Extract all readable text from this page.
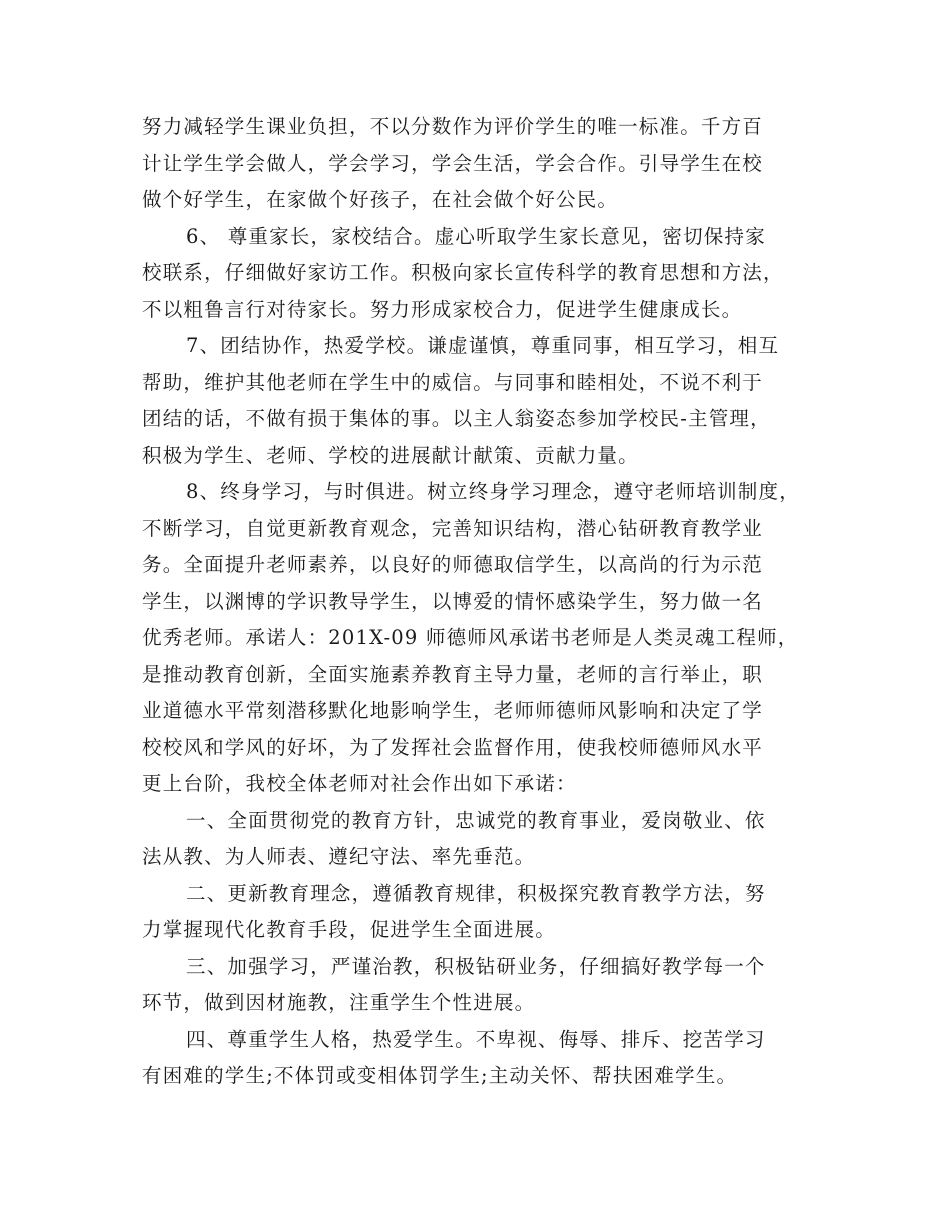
努力减轻学生课业负担，不以分数作为评价学生的唯一标准。千方百
计让学生学会做人，学会学习，学会生活，学会合作。引导学生在校
做个好学生，在家做个好孩子，在社会做个好公民。
6、 尊重家长，家校结合。虚心听取学生家长意见，密切保持家
校联系，仔细做好家访工作。积极向家长宣传科学的教育思想和方法，
不以粗鲁言行对待家长。努力形成家校合力，促进学生健康成长。
7、团结协作，热爱学校。谦虚谨慎，尊重同事，相互学习，相互
帮助，维护其他老师在学生中的威信。与同事和睦相处，不说不利于
团结的话，不做有损于集体的事。以主人翁姿态参加学校民-主管理，
积极为学生、老师、学校的进展献计献策、贡献力量。
8、终身学习，与时俱进。树立终身学习理念，遵守老师培训制度，
不断学习，自觉更新教育观念，完善知识结构，潜心钻研教育教学业
务。全面提升老师素养，以良好的师德取信学生，以高尚的行为示范
学生，以渊博的学识教导学生，以博爱的情怀感染学生，努力做一名
优秀老师。承诺人：201X-09 师德师风承诺书老师是人类灵魂工程师，
是推动教育创新，全面实施素养教育主导力量，老师的言行举止，职
业道德水平常刻潜移默化地影响学生，老师师德师风影响和决定了学
校校风和学风的好坏，为了发挥社会监督作用，使我校师德师风水平
更上台阶，我校全体老师对社会作出如下承诺：
一、全面贯彻党的教育方针，忠诚党的教育事业，爱岗敬业、依
法从教、为人师表、遵纪守法、率先垂范。
二、更新教育理念，遵循教育规律，积极探究教育教学方法，努
力掌握现代化教育手段，促进学生全面进展。
三、加强学习，严谨治教，积极钻研业务，仔细搞好教学每一个
环节，做到因材施教，注重学生个性进展。
四、尊重学生人格，热爱学生。不卑视、侮辱、排斥、挖苦学习
有困难的学生;不体罚或变相体罚学生;主动关怀、帮扶困难学生。
